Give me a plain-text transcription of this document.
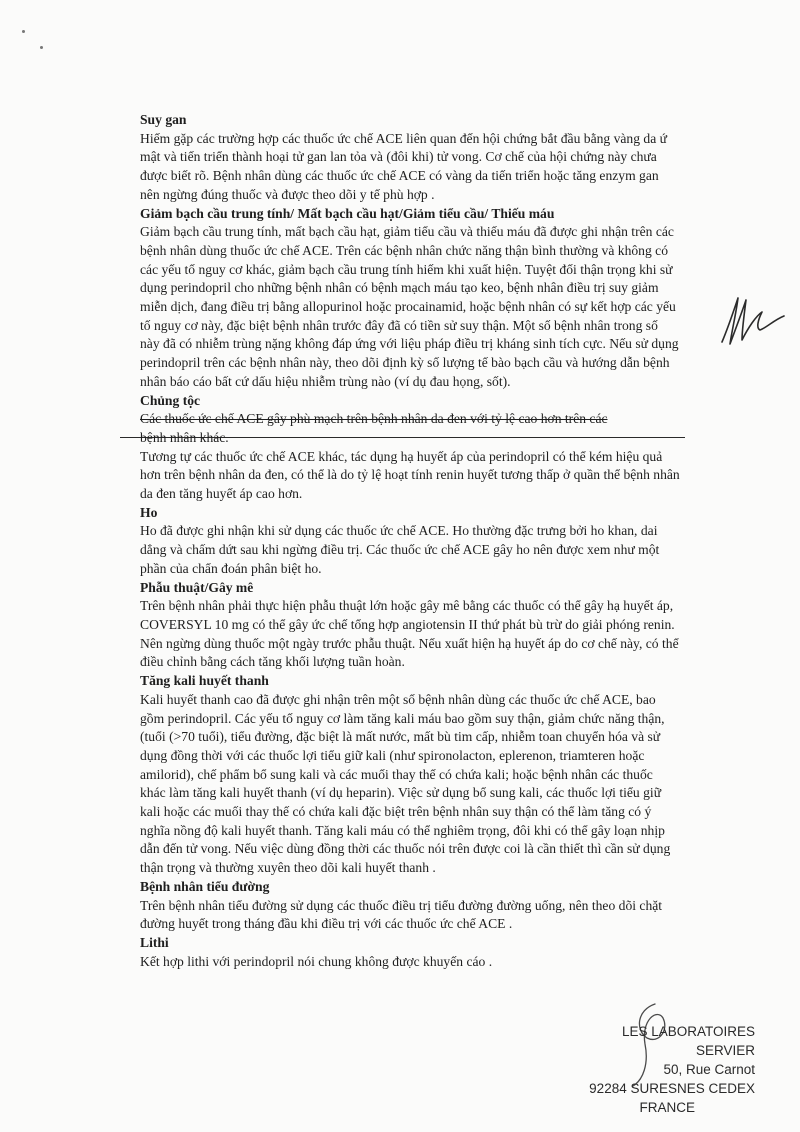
Suy gan

Hiếm gặp các trường hợp các thuốc ức chế ACE liên quan đến hội chứng bắt đầu bằng vàng da ứ mật và tiến triển thành hoại tử gan lan tỏa và (đôi khi) tử vong. Cơ chế của hội chứng này chưa được biết rõ. Bệnh nhân dùng các thuốc ức chế ACE có vàng da tiến triển hoặc tăng enzym gan nên ngừng đúng thuốc và được theo dõi y tế phù hợp .

Giảm bạch cầu trung tính/ Mất bạch cầu hạt/Giảm tiểu cầu/ Thiếu máu

Giảm bạch cầu trung tính, mất bạch cầu hạt, giảm tiểu cầu và thiếu máu đã được ghi nhận trên các bệnh nhân dùng thuốc ức chế ACE. Trên các bệnh nhân chức năng thận bình thường và không có các yếu tố nguy cơ khác, giảm bạch cầu trung tính hiếm khi xuất hiện. Tuyệt đối thận trọng khi sử dụng perindopril cho những bệnh nhân có bệnh mạch máu tạo keo, bệnh nhân điều trị suy giảm miễn dịch, đang điều trị bằng allopurinol hoặc procainamid, hoặc bệnh nhân có sự kết hợp các yếu tố nguy cơ này, đặc biệt bệnh nhân trước đây đã có tiền sử suy thận. Một số bệnh nhân trong số này đã có nhiễm trùng nặng không đáp ứng với liệu pháp điều trị kháng sinh tích cực. Nếu sử dụng perindopril trên các bệnh nhân này, theo dõi định kỳ số lượng tế bào bạch cầu và hướng dẫn bệnh nhân báo cáo bất cứ dấu hiệu nhiễm trùng nào (ví dụ đau họng, sốt).

Chủng tộc

Các thuốc ức chế ACE gây phù mạch trên bệnh nhân da đen với tỷ lệ cao hơn trên các

bệnh nhân khác.

Tương tự các thuốc ức chế ACE khác, tác dụng hạ huyết áp của perindopril có thể kém hiệu quả hơn trên bệnh nhân da đen, có thể là do tỷ lệ hoạt tính renin huyết tương thấp ở quần thể bệnh nhân da đen tăng huyết áp cao hơn.

Ho

Ho đã được ghi nhận khi sử dụng các thuốc ức chế ACE. Ho thường đặc trưng bởi ho khan, dai dẳng và chấm dứt sau khi ngừng điều trị. Các thuốc ức chế ACE gây ho nên được xem như một phần của chẩn đoán phân biệt ho.

Phẫu thuật/Gây mê

Trên bệnh nhân phải thực hiện phẫu thuật lớn hoặc gây mê bằng các thuốc có thể gây hạ huyết áp, COVERSYL 10 mg có thể gây ức chế tổng hợp angiotensin II thứ phát bù trừ do giải phóng renin. Nên ngừng dùng thuốc một ngày trước phẫu thuật. Nếu xuất hiện hạ huyết áp do cơ chế này, có thể điều chỉnh bằng cách tăng khối lượng tuần hoàn.

Tăng kali huyết thanh

Kali huyết thanh cao đã được ghi nhận trên một số bệnh nhân dùng các thuốc ức chế ACE, bao gồm perindopril. Các yếu tố nguy cơ làm tăng kali máu bao gồm suy thận, giảm chức năng thận, (tuổi (>70 tuổi), tiểu đường, đặc biệt là mất nước, mất bù tim cấp, nhiễm toan chuyển hóa và sử dụng đồng thời với các thuốc lợi tiểu giữ kali (như spironolacton, eplerenon, triamteren hoặc amilorid), chế phẩm bổ sung kali và các muối thay thế có chứa kali; hoặc bệnh nhân các thuốc khác làm tăng kali huyết thanh (ví dụ heparin). Việc sử dụng bổ sung kali, các thuốc lợi tiểu giữ kali hoặc các muối thay thế có chứa kali đặc biệt trên bệnh nhân suy thận có thể làm tăng có ý nghĩa nồng độ kali huyết thanh. Tăng kali máu có thể nghiêm trọng, đôi khi có thể gây loạn nhịp dẫn đến tử vong. Nếu việc dùng đồng thời các thuốc nói trên được coi là cần thiết thì cần sử dụng thận trọng và thường xuyên theo dõi kali huyết thanh .

Bệnh nhân tiểu đường

Trên bệnh nhân tiểu đường sử dụng các thuốc điều trị tiểu đường đường uống, nên theo dõi chặt đường huyết trong tháng đầu khi điều trị với các thuốc ức chế ACE .

Lithi

Kết hợp lithi với perindopril nói chung không được khuyến cáo .

LES LABORATOIRES SERVIER
50, Rue Carnot
92284 SURESNES CEDEX
FRANCE
